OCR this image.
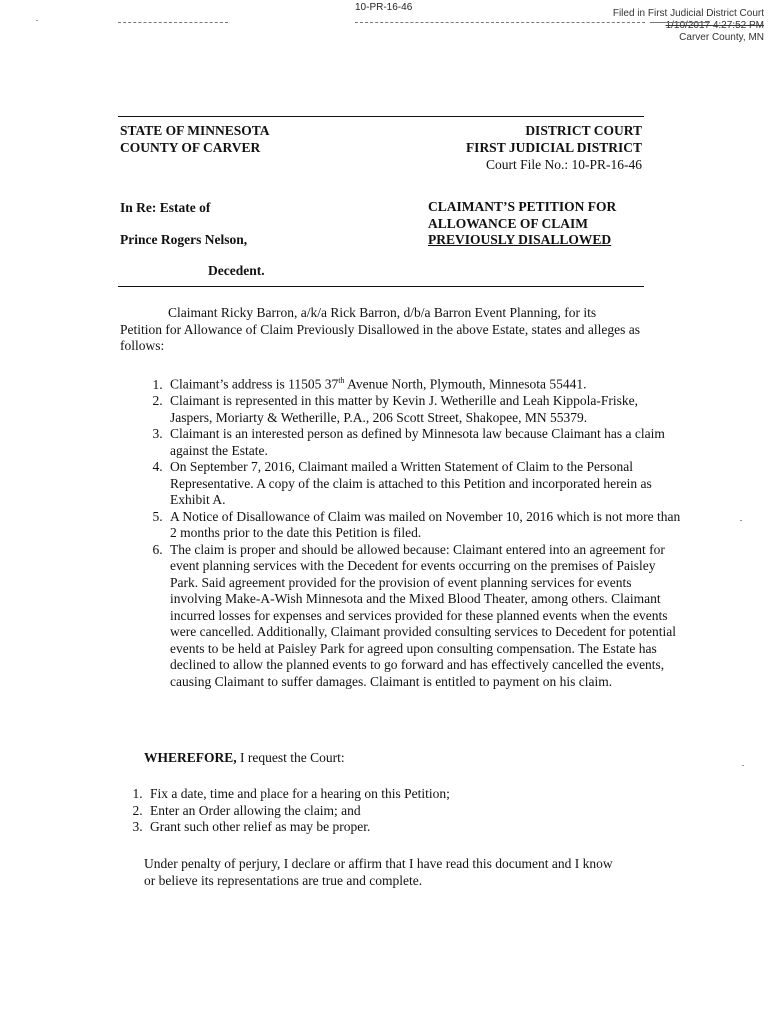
10-PR-16-46
Filed in First Judicial District Court
1/10/2017 4:27:52 PM
Carver County, MN
STATE OF MINNESOTA
COUNTY OF CARVER
DISTRICT COURT
FIRST JUDICIAL DISTRICT
Court File No.: 10-PR-16-46
In Re: Estate of
Prince Rogers Nelson,
Decedent.
CLAIMANT’S PETITION FOR
ALLOWANCE OF CLAIM
PREVIOUSLY DISALLOWED
Claimant Ricky Barron, a/k/a Rick Barron, d/b/a Barron Event Planning, for its Petition for Allowance of Claim Previously Disallowed in the above Estate, states and alleges as follows:
1. Claimant’s address is 11505 37th Avenue North, Plymouth, Minnesota 55441.
2. Claimant is represented in this matter by Kevin J. Wetherille and Leah Kippola-Friske, Jaspers, Moriarty & Wetherille, P.A., 206 Scott Street, Shakopee, MN 55379.
3. Claimant is an interested person as defined by Minnesota law because Claimant has a claim against the Estate.
4. On September 7, 2016, Claimant mailed a Written Statement of Claim to the Personal Representative. A copy of the claim is attached to this Petition and incorporated herein as Exhibit A.
5. A Notice of Disallowance of Claim was mailed on November 10, 2016 which is not more than 2 months prior to the date this Petition is filed.
6. The claim is proper and should be allowed because: Claimant entered into an agreement for event planning services with the Decedent for events occurring on the premises of Paisley Park. Said agreement provided for the provision of event planning services for events involving Make-A-Wish Minnesota and the Mixed Blood Theater, among others. Claimant incurred losses for expenses and services provided for these planned events when the events were cancelled. Additionally, Claimant provided consulting services to Decedent for potential events to be held at Paisley Park for agreed upon consulting compensation. The Estate has declined to allow the planned events to go forward and has effectively cancelled the events, causing Claimant to suffer damages. Claimant is entitled to payment on his claim.
WHEREFORE, I request the Court:
1. Fix a date, time and place for a hearing on this Petition;
2. Enter an Order allowing the claim; and
3. Grant such other relief as may be proper.
Under penalty of perjury, I declare or affirm that I have read this document and I know or believe its representations are true and complete.
